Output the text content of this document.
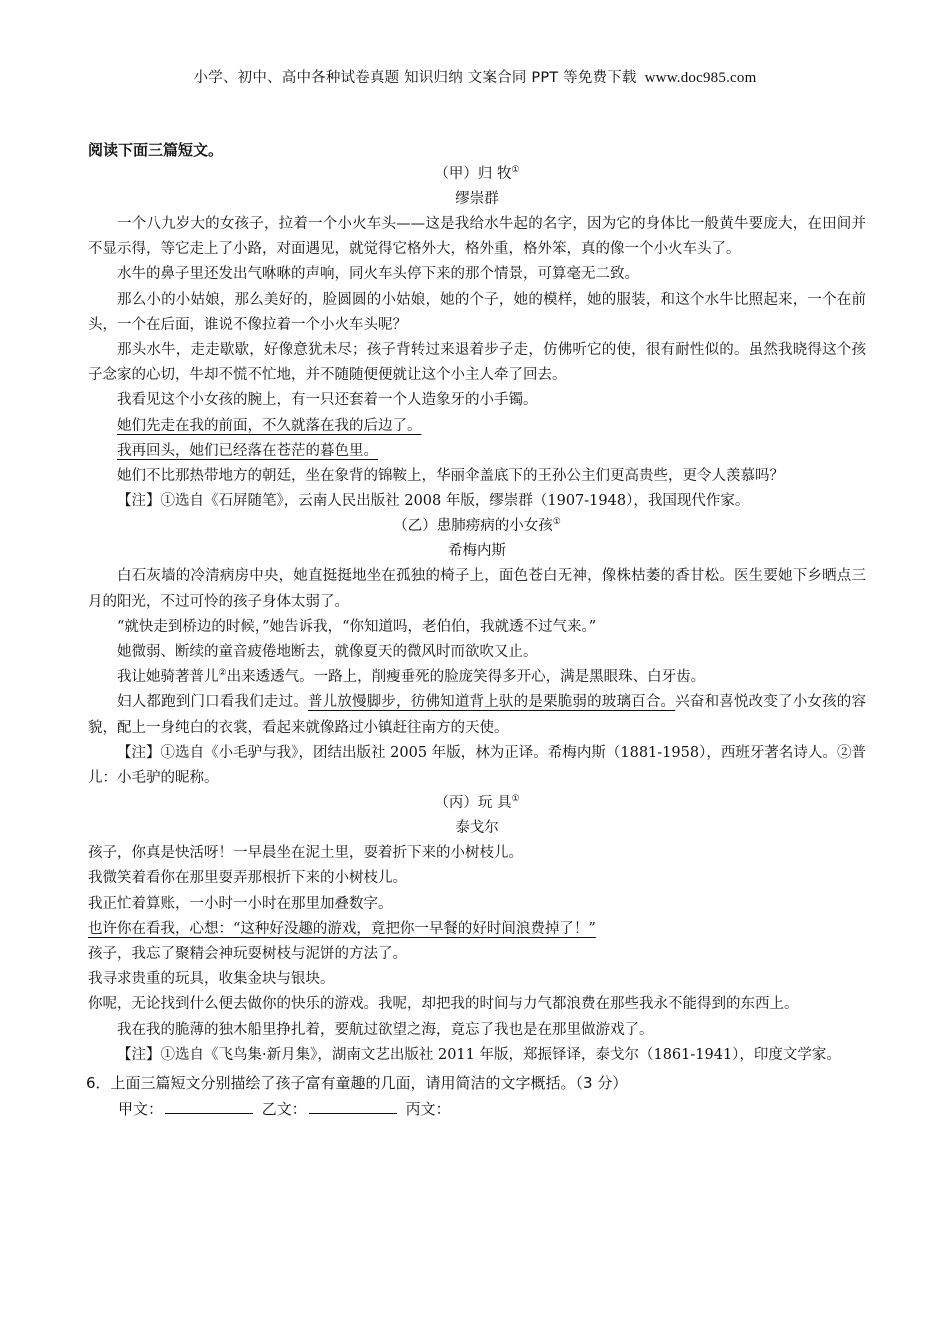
小学、初中、高中各种试卷真题 知识归纳 文案合同 PPT 等免费下载 www.doc985.com
阅读下面三篇短文。
（甲）归 牧①
缪崇群
一个八九岁大的女孩子，拉着一个小火车头——这是我给水牛起的名字，因为它的身体比一般黄牛要庞大，在田间并不显示得，等它走上了小路，对面遇见，就觉得它格外大，格外重，格外笨，真的像一个小火车头了。
水牛的鼻子里还发出气咻咻的声响，同火车头停下来的那个情景，可算毫无二致。
那么小的小姑娘，那么美好的，脸圆圆的小姑娘，她的个子，她的模样，她的服装，和这个水牛比照起来，一个在前头，一个在后面，谁说不像拉着一个小火车头呢？
那头水牛，走走歇歇，好像意犹未尽；孩子背转过来退着步子走，仿佛听它的使，很有耐性似的。虽然我晓得这个孩子念家的心切，牛却不慌不忙地，并不随随便便就让这个小主人牵了回去。
我看见这个小女孩的腕上，有一只还套着一个人造象牙的小手镯。
她们先走在我的前面，不久就落在我的后边了。
我再回头，她们已经落在苍茫的暮色里。
她们不比那热带地方的朝廷，坐在象背的锦鞍上，华丽伞盖底下的王孙公主们更高贵些，更令人羡慕吗？
【注】①选自《石屏随笔》，云南人民出版社 2008 年版，缪崇群（1907-1948），我国现代作家。
（乙）患肺痨病的小女孩①
希梅内斯
白石灰墙的冷清病房中央，她直挺挺地坐在孤独的椅子上，面色苍白无神，像株枯萎的香甘松。医生要她下乡晒点三月的阳光，不过可怜的孩子身体太弱了。
“就快走到桥边的时候，”她告诉我，“你知道吗，老伯伯，我就透不过气来。”
她微弱、断续的童音疲倦地断去，就像夏天的微风时而欲吹又止。
我让她骑著普儿②出来透透气。一路上，削瘦垂死的脸庞笑得多开心，满是黑眼珠、白牙齿。
妇人都跑到门口看我们走过。普儿放慢脚步，彷佛知道背上驮的是栗脆弱的玻璃百合。兴奋和喜悦改变了小女孩的容貌，配上一身纯白的衣裳，看起来就像路过小镇赶往南方的天使。
【注】①选自《小毛驴与我》，团结出版社 2005 年版，林为正译。希梅内斯（1881-1958），西班牙著名诗人。②普儿：小毛驴的昵称。
（丙）玩 具①
泰戈尔
孩子，你真是快活呀！一早晨坐在泥土里，耍着折下来的小树枝儿。
我微笑着看你在那里耍弄那根折下来的小树枝儿。
我正忙着算账，一小时一小时在那里加叠数字。
也许你在看我，心想：“这种好没趣的游戏，竟把你一早餐的好时间浪费掉了！”
孩子，我忘了聚精会神玩耍树枝与泥饼的方法了。
我寻求贵重的玩具，收集金块与银块。
你呢，无论找到什么便去做你的快乐的游戏。我呢，却把我的时间与力气都浪费在那些我永不能得到的东西上。
我在我的脆薄的独木船里挣扎着，要航过欲望之海，竟忘了我也是在那里做游戏了。
【注】①选自《飞鸟集·新月集》，湖南文艺出版社 2011 年版，郑振铎译，泰戈尔（1861-1941），印度文学家。
6．上面三篇短文分别描绘了孩子富有童趣的几面，请用简洁的文字概括。（3 分）
甲文：	乙文：	丙文：
